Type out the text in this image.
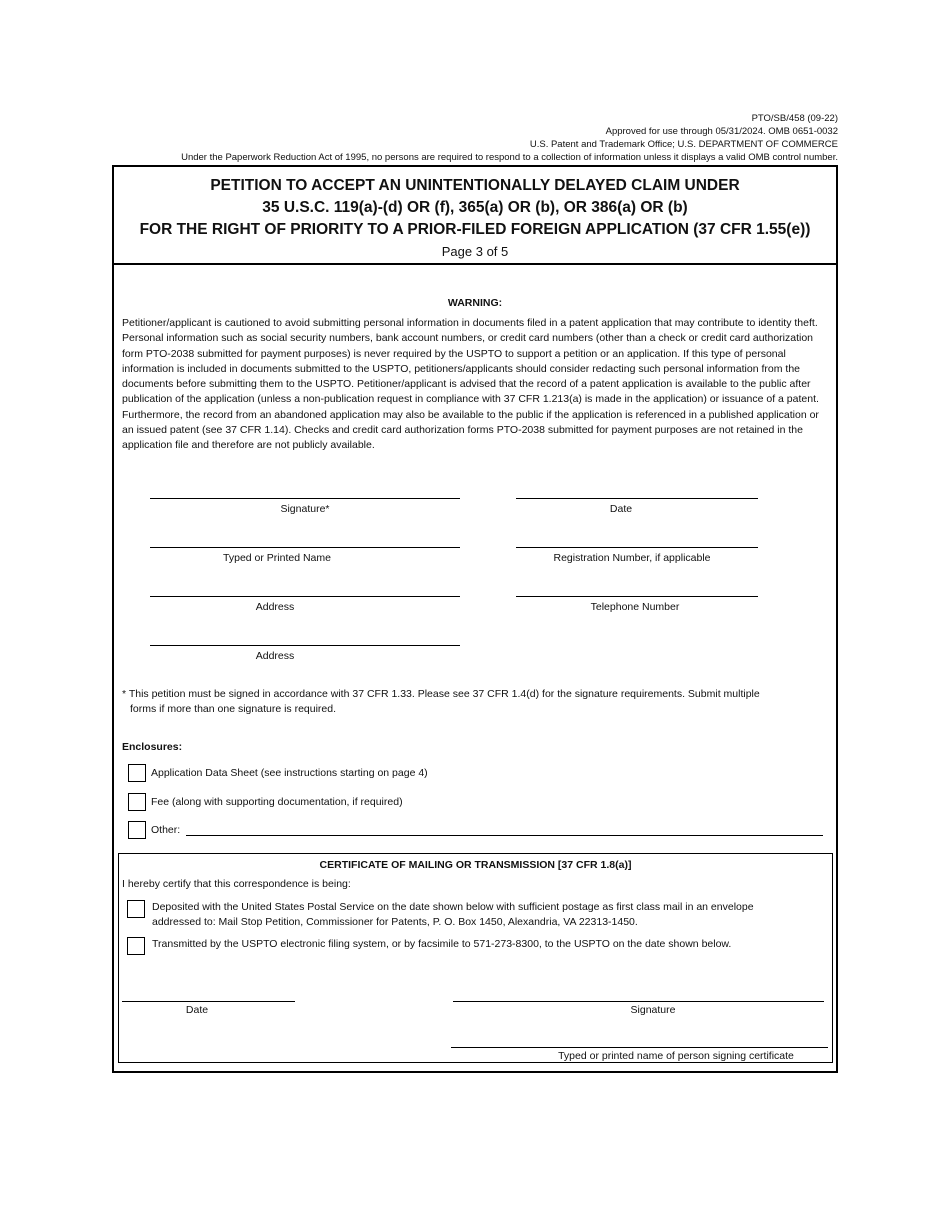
PTO/SB/458 (09-22)
Approved for use through 05/31/2024. OMB 0651-0032
U.S. Patent and Trademark Office; U.S. DEPARTMENT OF COMMERCE
Under the Paperwork Reduction Act of 1995, no persons are required to respond to a collection of information unless it displays a valid OMB control number.
PETITION TO ACCEPT AN UNINTENTIONALLY DELAYED CLAIM UNDER
35 U.S.C. 119(a)-(d) OR (f), 365(a) OR (b), OR 386(a) OR (b)
FOR THE RIGHT OF PRIORITY TO A PRIOR-FILED FOREIGN APPLICATION (37 CFR 1.55(e))
Page 3 of 5
WARNING:
Petitioner/applicant is cautioned to avoid submitting personal information in documents filed in a patent application that may contribute to identity theft. Personal information such as social security numbers, bank account numbers, or credit card numbers (other than a check or credit card authorization form PTO-2038 submitted for payment purposes) is never required by the USPTO to support a petition or an application. If this type of personal information is included in documents submitted to the USPTO, petitioners/applicants should consider redacting such personal information from the documents before submitting them to the USPTO. Petitioner/applicant is advised that the record of a patent application is available to the public after publication of the application (unless a non-publication request in compliance with 37 CFR 1.213(a) is made in the application) or issuance of a patent. Furthermore, the record from an abandoned application may also be available to the public if the application is referenced in a published application or an issued patent (see 37 CFR 1.14). Checks and credit card authorization forms PTO-2038 submitted for payment purposes are not retained in the application file and therefore are not publicly available.
Signature*	Date
Typed or Printed Name	Registration Number, if applicable
Address	Telephone Number
Address
* This petition must be signed in accordance with 37 CFR 1.33. Please see 37 CFR 1.4(d) for the signature requirements. Submit multiple
forms if more than one signature is required.
Enclosures:
Application Data Sheet (see instructions starting on page 4)
Fee (along with supporting documentation, if required)
Other:
CERTIFICATE OF MAILING OR TRANSMISSION [37 CFR 1.8(a)]
I hereby certify that this correspondence is being:
Deposited with the United States Postal Service on the date shown below with sufficient postage as first class mail in an envelope
addressed to: Mail Stop Petition, Commissioner for Patents, P. O. Box 1450, Alexandria, VA 22313-1450.
Transmitted by the USPTO electronic filing system, or by facsimile to 571-273-8300, to the USPTO on the date shown below.
Date	Signature
Typed or printed name of person signing certificate
